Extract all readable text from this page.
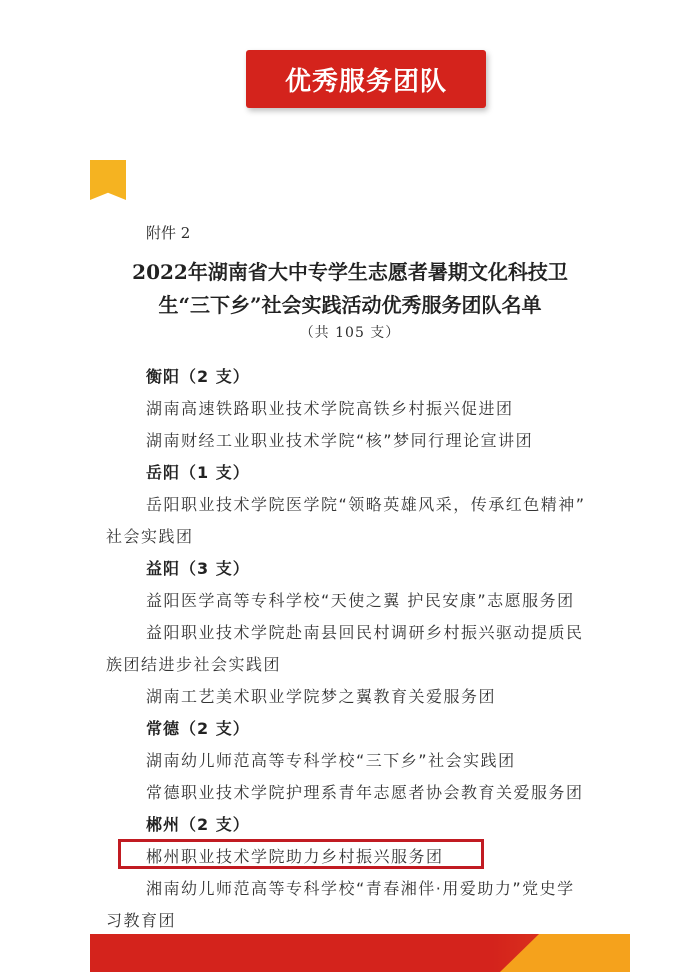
优秀服务团队
附件 2
2022年湖南省大中专学生志愿者暑期文化科技卫
生“三下乡”社会实践活动优秀服务团队名单
（共 105 支）
衡阳（2 支）
湖南高速铁路职业技术学院高铁乡村振兴促进团
湖南财经工业职业技术学院“核”梦同行理论宣讲团
岳阳（1 支）
岳阳职业技术学院医学院“领略英雄风采，传承红色精神”
社会实践团
益阳（3 支）
益阳医学高等专科学校“天使之翼 护民安康”志愿服务团
益阳职业技术学院赴南县回民村调研乡村振兴驱动提质民
族团结进步社会实践团
湖南工艺美术职业学院梦之翼教育关爱服务团
常德（2 支）
湖南幼儿师范高等专科学校“三下乡”社会实践团
常德职业技术学院护理系青年志愿者协会教育关爱服务团
郴州（2 支）
郴州职业技术学院助力乡村振兴服务团
湘南幼儿师范高等专科学校“青春湘伴·用爱助力”党史学
习教育团
